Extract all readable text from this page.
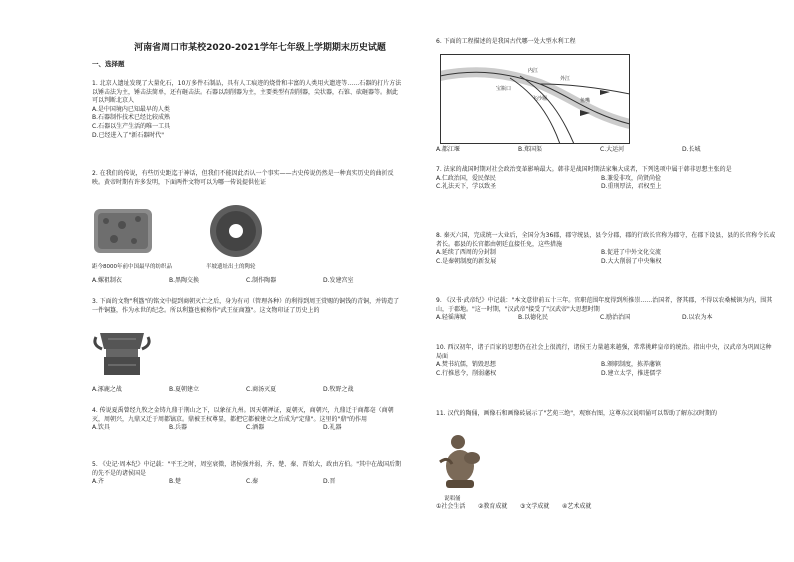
河南省周口市某校2020-2021学年七年级上学期期末历史试题
一、选择题

1. 北京人遗址发现了大量化石，10万多件石制品，具有人工痕迹的烧骨和丰富的人类用火遗迹等……石器的打片方法以锤击法为主，锤击法简单，还有砸击法。石器以刮削器为主，主要类型有刮削器，尖状器，石锥、砍砸器等。据此可以判断北京人

A.是中国境内已知最早的人类
B.石器制作技术已经比较成熟
C.石器以生产生活的唯一工具
D.已经进入了"新石器时代"

2. 在我们的传说，有些历史距迄于神话，但我们不能因此否认一个事实——古史传说仍然是一种真实历史的曲折反映。黄帝时期有许多发明，下面两件文物可以为哪一传说提供佐证

距今8000年前中国最早的纺织品	半坡遗址出土的陶轮
A.嫘祖制衣	B.黑陶交换	C.制作陶器	D.发建宫室

3. 下面的文物"利簋"的铭文中提到商朝灭亡之后，身为有司（管理各种）的利得到周王赏赐的铜钱的青铜，并铸造了一件铜簋，作为永世的纪念。所以利簋也被称作"武王征商簋"。这文物印证了历史上的

A.涿鹿之战	B.夏朝建立	C.商汤灭夏	D.牧野之战

4. 传说夏禹曾经九牧之金铸九鼎于荆山之下，以象征九州。因天朝禅证，夏朝灭，商朝兴，九鼎迁于商都亳（商朝灭，周朝兴，九鼎又迁于周都镐京。鼎被王权尊显，都把它都被建立之后成为"定鼎"。这里的"鼎"的作用

A.饮具	B.兵器	C.酒器	D.礼器

5. 《史记·周本纪》中记载："平王之时，周室衰微，诸侯强并弱，齐、楚、秦、晋始大，政由方伯。"其中在战国后期的先不是的诸侯国是

A.齐	B.楚	C.秦	D.晋

6. 下面的工程描述的是我国古代哪一处大型水利工程

内江
外江
宝瓶口
飞沙堰	鱼嘴
A.都江堰	B.郑国渠	C.大运河	D.长城

7. 法家的战国时期对社会政治变革影响最大。韩非是战国时期法家集大成者，下列选项中属于韩非思想主张的是

A.仁政治国，爱民保民	B.兼爱非攻，尚贤尚俭
C.礼法天下，学以致圣	D.重刑厚法，君权至上

8. 秦灭六国，完成统一大业后，全国分为36郡，郡守统县，县令分郡，郡的行政长官称为郡守，在郡下设县，县的长官称令长或者长。郡县的长官都由朝廷直接任免，这些措施

A.延续了西周的分封制	B.促进了中外文化交流
C.是秦朝制度的新发展	D.大大削弱了中央集权

9. 《汉书·武帝纪》中记载："本文意律前五十三年。官职范围年度得到所推崇……治国者，督其郡，不得以农桑械镇为内，围其山，于郡地。"这一时期，"汉武帝"接受了"汉武帝"大思想时期

A.轻徭薄赋	B.以德化民	C.励治治国	D.以农为本

10. 西汉初年，诸子百家的思想仍在社会上很流行，诸侯王力量越来越强，常常挑衅皇帝的统治。指出中央，汉武帝为巩固这种局面

A.焚书坑儒，销毁思想	B.颁职制度，拣养藩镇
C.行推恩令，削弱藩权	D.建立太学，推进儒学

11. 汉代的陶俑，画像石和画像砖展示了"艺苑三绝"，观察右图，这尊东汉说唱俑可以帮助了解东汉时期的

说唱俑
①社会生活	②教育成就	③文学成就	④艺术成就
